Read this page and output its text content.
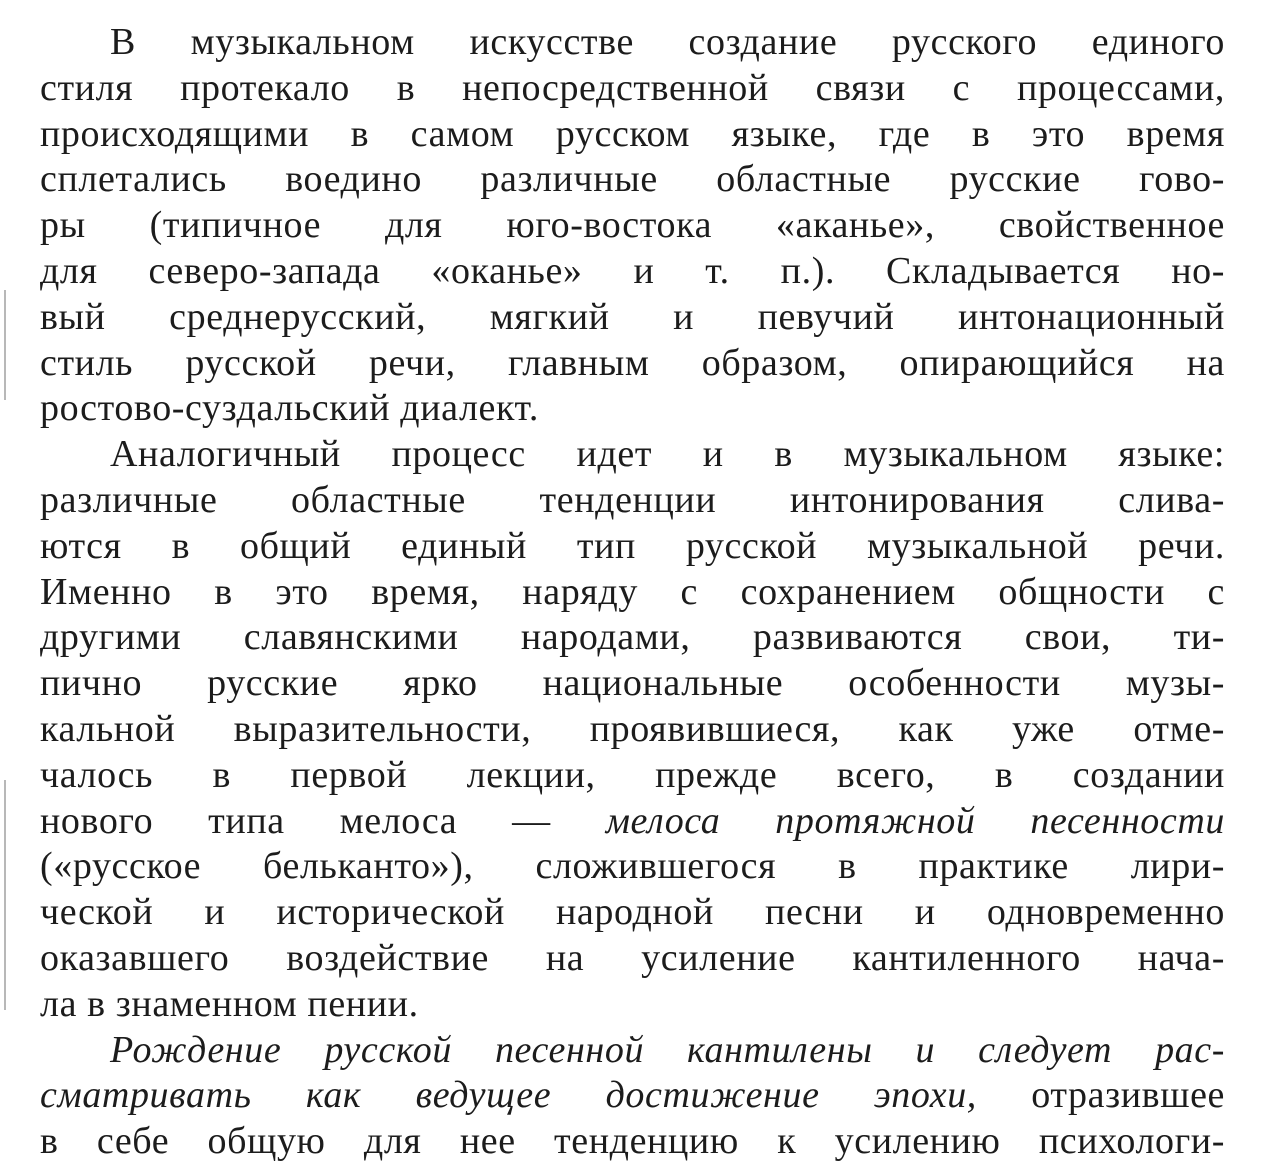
В музыкальном искусстве создание русского единого
стиля протекало в непосредственной связи с процессами,
происходящими в самом русском языке, где в это время
сплетались воедино различные областные русские гово-
ры (типичное для юго-востока «аканье», свойственное
для северо-запада «оканье» и т. п.). Складывается но-
вый среднерусский, мягкий и певучий интонационный
стиль русской речи, главным образом, опирающийся на
ростово-суздальский диалект.
Аналогичный процесс идет и в музыкальном языке:
различные областные тенденции интонирования слива-
ются в общий единый тип русской музыкальной речи.
Именно в это время, наряду с сохранением общности с
другими славянскими народами, развиваются свои, ти-
пично русские ярко национальные особенности музы-
кальной выразительности, проявившиеся, как уже отме-
чалось в первой лекции, прежде всего, в создании
нового типа мелоса — мелоса протяжной песенности
(«русское бельканто»), сложившегося в практике лири-
ческой и исторической народной песни и одновременно
оказавшего воздействие на усиление кантиленного нача-
ла в знаменном пении.
Рождение русской песенной кантилены и следует рас-
сматривать как ведущее достижение эпохи, отразившее
в себе общую для нее тенденцию к усилению психологи-
